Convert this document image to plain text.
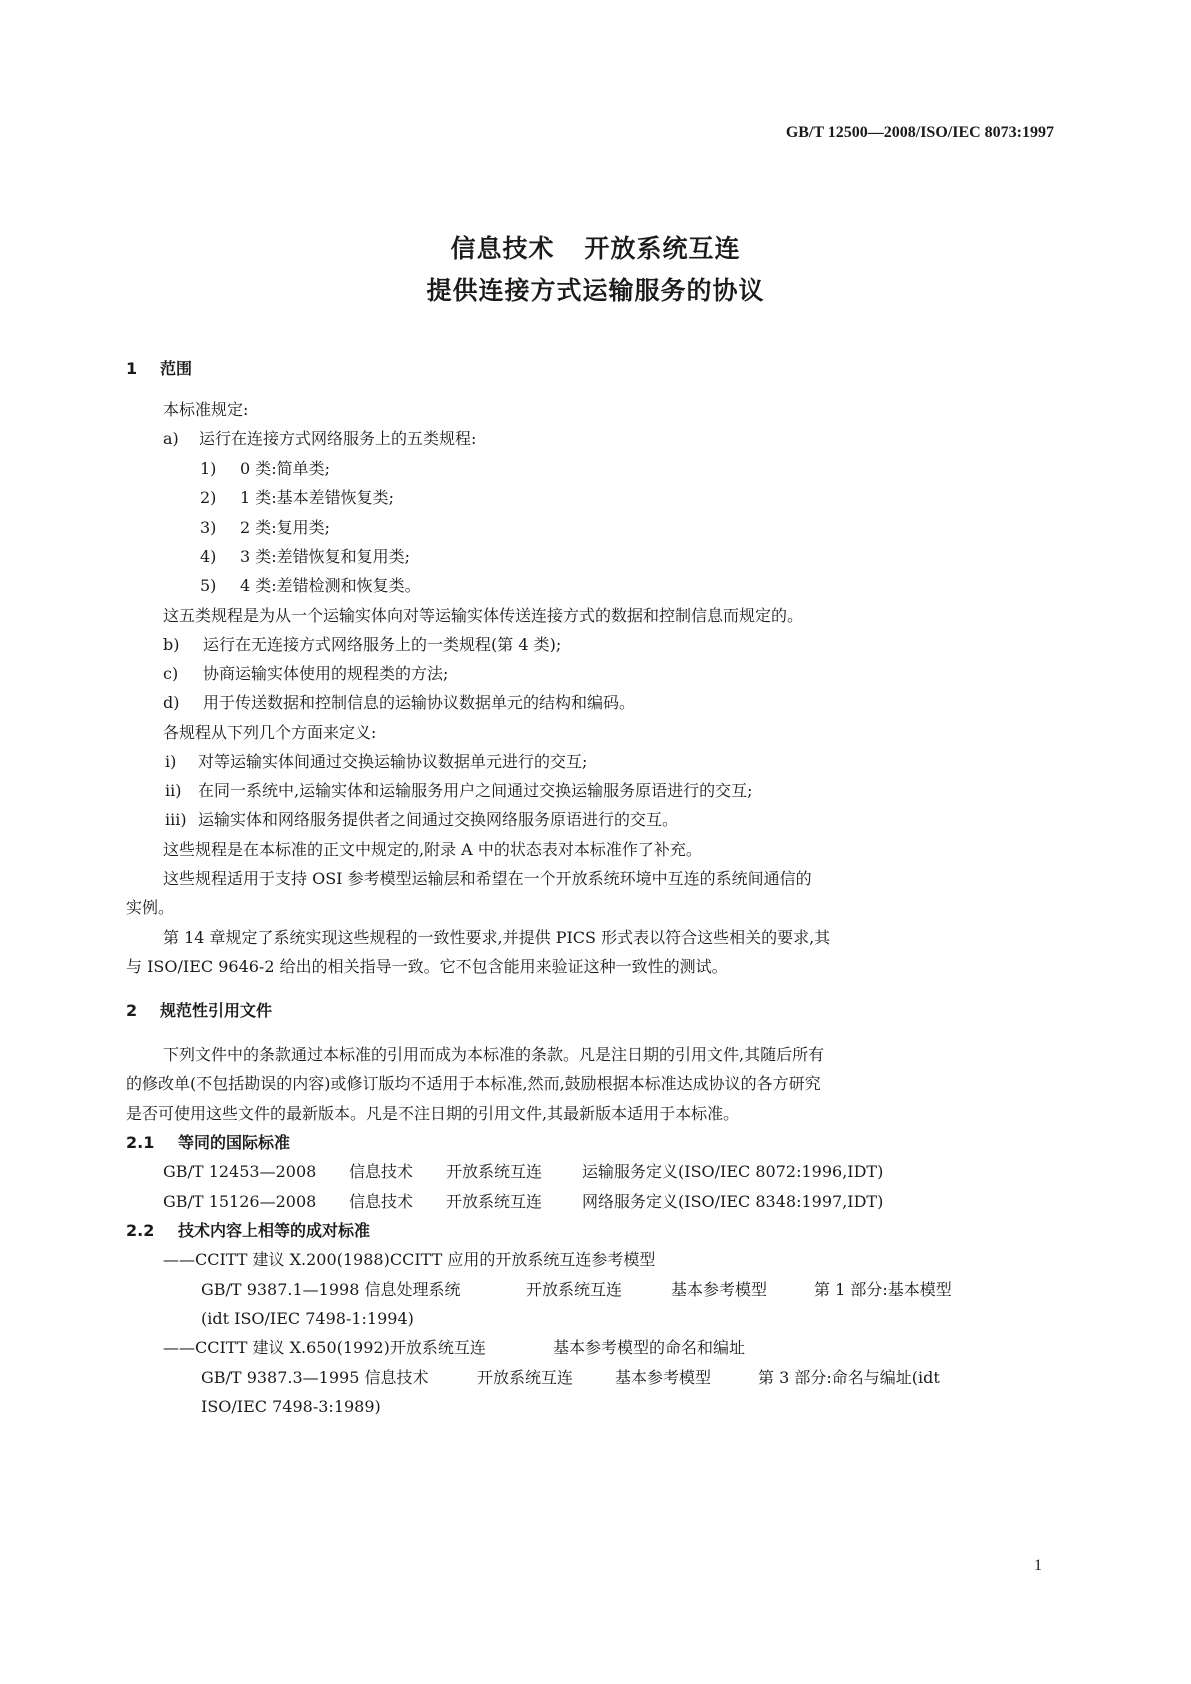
GB/T 12500—2008/ISO/IEC 8073:1997
信息技术 开放系统互连
提供连接方式运输服务的协议
1 范围
本标准规定:
a) 运行在连接方式网络服务上的五类规程:
1) 0 类:简单类;
2) 1 类:基本差错恢复类;
3) 2 类:复用类;
4) 3 类:差错恢复和复用类;
5) 4 类:差错检测和恢复类。
这五类规程是为从一个运输实体向对等运输实体传送连接方式的数据和控制信息而规定的。
b) 运行在无连接方式网络服务上的一类规程(第 4 类);
c) 协商运输实体使用的规程类的方法;
d) 用于传送数据和控制信息的运输协议数据单元的结构和编码。
各规程从下列几个方面来定义:
ⅰ) 对等运输实体间通过交换运输协议数据单元进行的交互;
ⅱ) 在同一系统中,运输实体和运输服务用户之间通过交换运输服务原语进行的交互;
ⅲ) 运输实体和网络服务提供者之间通过交换网络服务原语进行的交互。
这些规程是在本标准的正文中规定的,附录 A 中的状态表对本标准作了补充。
这些规程适用于支持 OSI 参考模型运输层和希望在一个开放系统环境中互连的系统间通信的
实例。
第 14 章规定了系统实现这些规程的一致性要求,并提供 PICS 形式表以符合这些相关的要求,其
与 ISO/IEC 9646-2 给出的相关指导一致。它不包含能用来验证这种一致性的测试。
2 规范性引用文件
下列文件中的条款通过本标准的引用而成为本标准的条款。凡是注日期的引用文件,其随后所有
的修改单(不包括勘误的内容)或修订版均不适用于本标准,然而,鼓励根据本标准达成协议的各方研究
是否可使用这些文件的最新版本。凡是不注日期的引用文件,其最新版本适用于本标准。
2.1 等同的国际标准
GB/T 12453—2008 信息技术 开放系统互连 运输服务定义(ISO/IEC 8072:1996,IDT)
GB/T 15126—2008 信息技术 开放系统互连 网络服务定义(ISO/IEC 8348:1997,IDT)
2.2 技术内容上相等的成对标准
——CCITT 建议 X.200(1988)CCITT 应用的开放系统互连参考模型
GB/T 9387.1—1998 信息处理系统	开放系统互连	基本参考模型	第 1 部分:基本模型
(idt ISO/IEC 7498-1:1994)
——CCITT 建议 X.650(1992)开放系统互连	基本参考模型的命名和编址
GB/T 9387.3—1995 信息技术	开放系统互连	基本参考模型	第 3 部分:命名与编址(idt
ISO/IEC 7498-3:1989)
1
